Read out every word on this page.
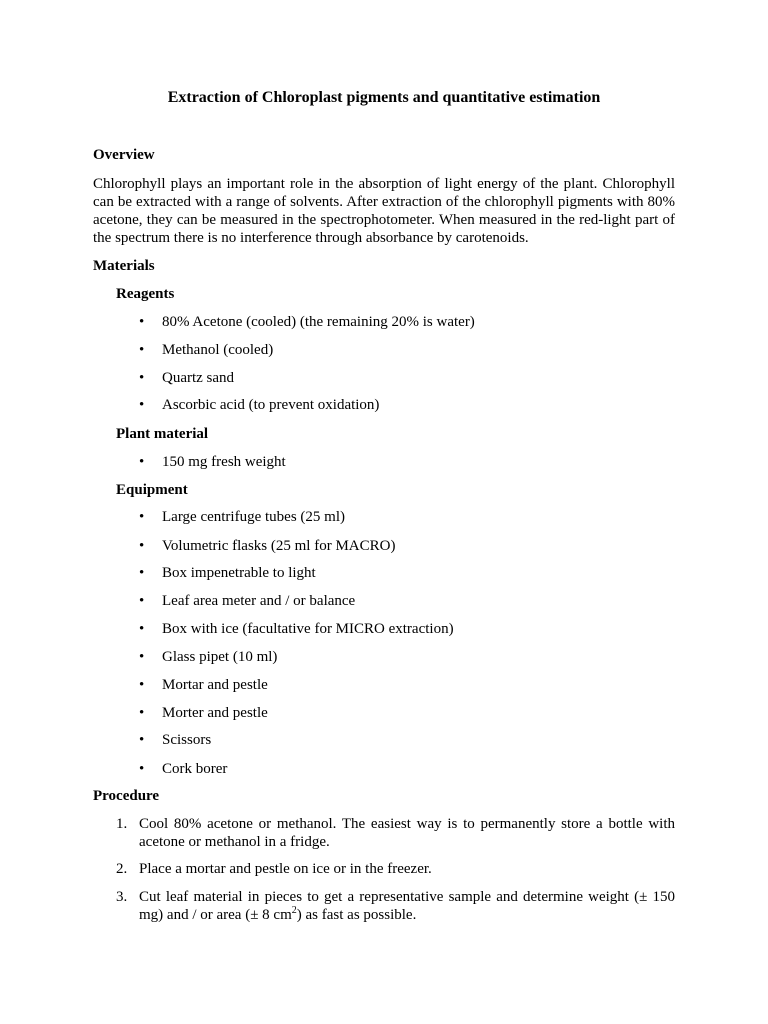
Extraction of Chloroplast pigments and quantitative estimation
Overview

Chlorophyll plays an important role in the absorption of light energy of the plant. Chlorophyll can be extracted with a range of solvents. After extraction of the chlorophyll pigments with 80% acetone, they can be measured in the spectrophotometer. When measured in the red-light part of the spectrum there is no interference through absorbance by carotenoids.

Materials
Reagents
•	80% Acetone (cooled) (the remaining 20% is water)
•	Methanol (cooled)
•	Quartz sand
•	Ascorbic acid (to prevent oxidation)
Plant material
•	150 mg fresh weight
Equipment
•	Large centrifuge tubes (25 ml)
•	Volumetric flasks (25 ml for MACRO)
•	Box impenetrable to light
•	Leaf area meter and / or balance
•	Box with ice (facultative for MICRO extraction)
•	Glass pipet (10 ml)
•	Mortar and pestle
•	Morter and pestle
•	Scissors
•	Cork borer
Procedure
1. Cool 80% acetone or methanol. The easiest way is to permanently store a bottle with acetone or methanol in a fridge.
2. Place a mortar and pestle on ice or in the freezer.
3. Cut leaf material in pieces to get a representative sample and determine weight (± 150 mg) and / or area (± 8 $cm^2$) as fast as possible.
